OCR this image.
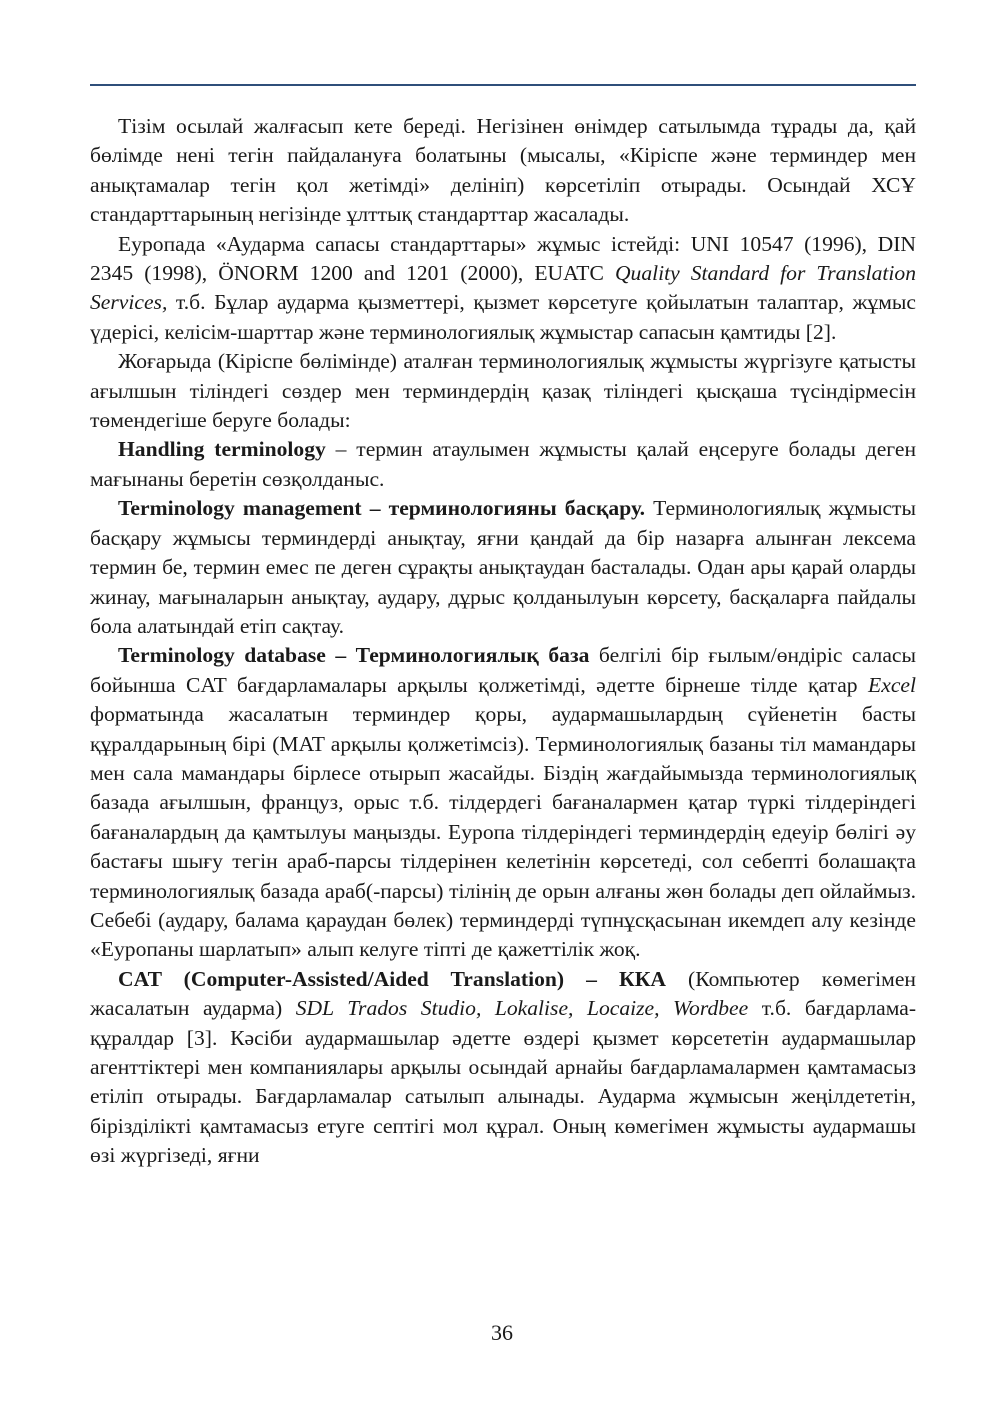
Тізім осылай жалғасып кете береді. Негізінен өнімдер сатылымда тұрады да, қай бөлімде нені тегін пайдалануға болатыны (мысалы, «Кіріспе және терминдер мен анықтамалар тегін қол жетімді» делініп) көрсетіліп отырады. Осындай ХСҰ стандарттарының негізінде ұлттық стандарттар жасалады.

Еуропада «Аударма сапасы стандарттары» жұмыс істейді: UNI 10547 (1996), DIN 2345 (1998), ÖNORM 1200 and 1201 (2000), EUATC Quality Standard for Translation Services, т.б. Бұлар аударма қызметтері, қызмет көрсетуге қойылатын талаптар, жұмыс үдерісі, келісім-шарттар және терминологиялық жұмыстар сапасын қамтиды [2].

Жоғарыда (Кіріспе бөлімінде) аталған терминологиялық жұмысты жүргізуге қатысты ағылшын тіліндегі сөздер мен терминдердің қазақ тіліндегі қысқаша түсіндірмесін төмендегіше беруге болады:

Handling terminology – термин атаулымен жұмысты қалай еңсеруге болады деген мағынаны беретін сөзқолданыс.

Terminology management – терминологияны басқару. Терминологиялық жұмысты басқару жұмысы терминдерді анықтау, яғни қандай да бір назарға алынған лексема термин бе, термин емес пе деген сұрақты анықтаудан басталады. Одан ары қарай оларды жинау, мағыналарын анықтау, аудару, дұрыс қолданылуын көрсету, басқаларға пайдалы бола алатындай етіп сақтау.

Terminology database – Терминологиялық база белгілі бір ғылым/өндіріс саласы бойынша CAT бағдарламалары арқылы қолжетімді, әдетте бірнеше тілде қатар Excel форматында жасалатын терминдер қоры, аудармашылардың сүйенетін басты құралдарының бірі (MAT арқылы қолжетімсіз). Терминологиялық базаны тіл мамандары мен сала мамандары бірлесе отырып жасайды. Біздің жағдайымызда терминологиялық базада ағылшын, француз, орыс т.б. тілдердегі бағаналармен қатар түркі тілдеріндегі бағаналардың да қамтылуы маңызды. Еуропа тілдеріндегі терминдердің едеуір бөлігі әу бастағы шығу тегін араб-парсы тілдерінен келетінін көрсетеді, сол себепті болашақта терминологиялық базада араб(-парсы) тілінің де орын алғаны жөн болады деп ойлаймыз. Себебі (аудару, балама қараудан бөлек) терминдерді түпнұсқасынан икемдеп алу кезінде «Еуропаны шарлатып» алып келуге тіпті де қажеттілік жоқ.

CAT (Computer-Assisted/Aided Translation) – ККА (Компьютер көмегімен жасалатын аударма) SDL Trados Studio, Lokalise, Locaize, Wordbee т.б. бағдарлама-құралдар [3]. Кәсіби аудармашылар әдетте өздері қызмет көрсететін аудармашылар агенттіктері мен компаниялары арқылы осындай арнайы бағдарламалармен қамтамасыз етіліп отырады. Бағдарламалар сатылып алынады. Аударма жұмысын жеңілдететін, біріздiлікті қамтамасыз етуге септігі мол құрал. Оның көмегімен жұмысты аудармашы өзі жүргізеді, яғни

36
